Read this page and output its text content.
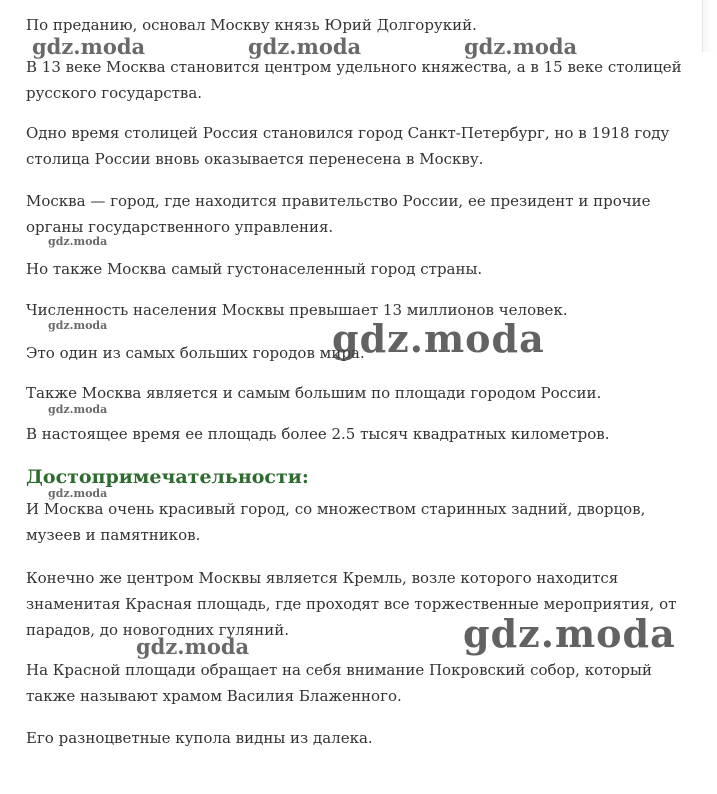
По преданию, основал Москву князь Юрий Долгорукий.

В 13 веке Москва становится центром удельного княжества, а в 15 веке столицей русского государства.

Одно время столицей Россия становился город Санкт-Петербург, но в 1918 году столица России вновь оказывается перенесена в Москву.

Москва — город, где находится правительство России, ее президент и прочие органы государственного управления.

Но также Москва самый густонаселенный город страны.

Численность населения Москвы превышает 13 миллионов человек.

Это один из самых больших городов мира.

Также Москва является и самым большим по площади городом России.

В настоящее время ее площадь более 2.5 тысяч квадратных километров.

Достопримечательности:

И Москва очень красивый город, со множеством старинных задний, дворцов, музеев и памятников.

Конечно же центром Москвы является Кремль, возле которого находится знаменитая Красная площадь, где проходят все торжественные мероприятия, от парадов, до новогодних гуляний.

На Красной площади обращает на себя внимание Покровский собор, который также называют храмом Василия Блаженного.

Его разноцветные купола видны из далека.

gdz.moda	gdz.moda	gdz.moda
gdz.moda
gdz.moda	gdz.moda
gdz.moda
gdz.moda
gdz.moda	gdz.moda
